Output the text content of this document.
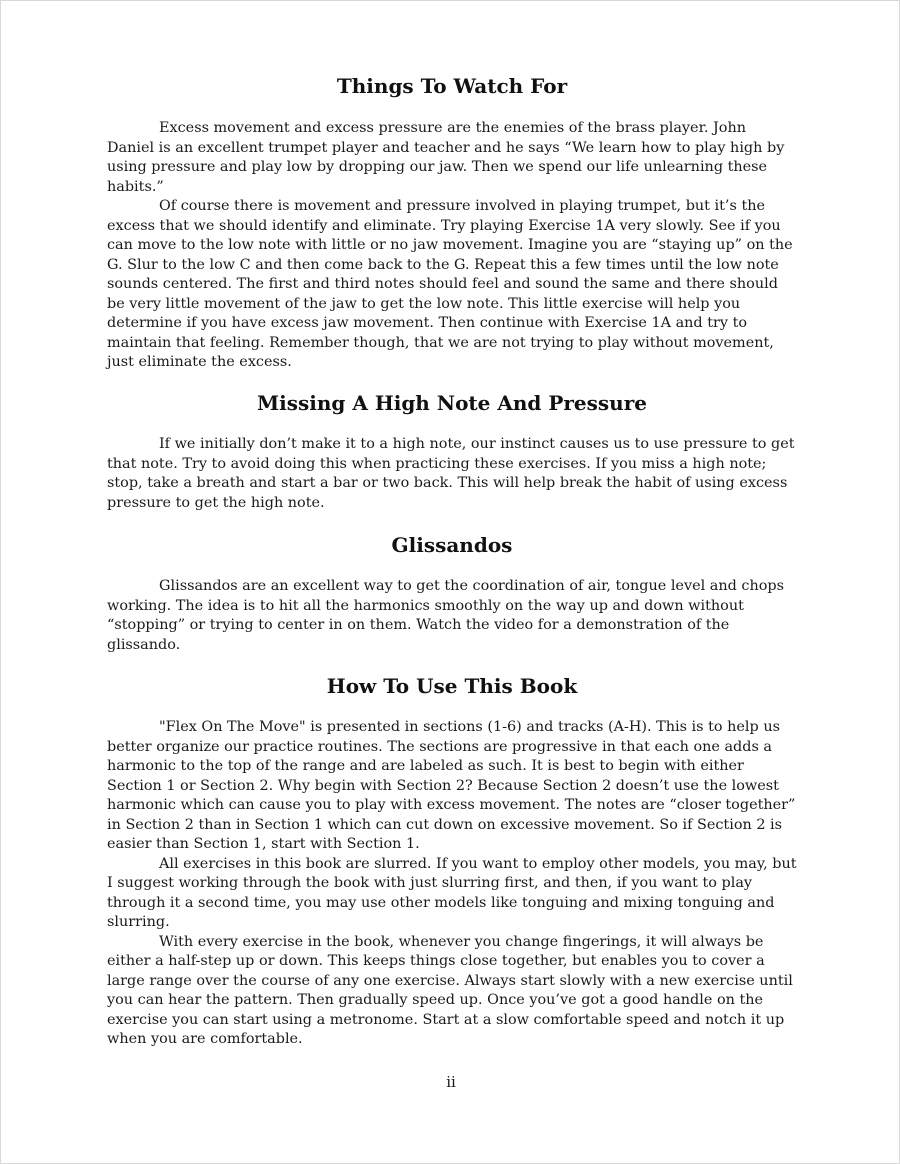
Things To Watch For

Excess movement and excess pressure are the enemies of the brass player. John Daniel is an excellent trumpet player and teacher and he says “We learn how to play high by using pressure and play low by dropping our jaw. Then we spend our life unlearning these habits.”

Of course there is movement and pressure involved in playing trumpet, but it’s the excess that we should identify and eliminate. Try playing Exercise 1A very slowly. See if you can move to the low note with little or no jaw movement. Imagine you are “staying up” on the G. Slur to the low C and then come back to the G. Repeat this a few times until the low note sounds centered. The first and third notes should feel and sound the same and there should be very little movement of the jaw to get the low note. This little exercise will help you determine if you have excess jaw movement. Then continue with Exercise 1A and try to maintain that feeling. Remember though, that we are not trying to play without movement, just eliminate the excess.

Missing A High Note And Pressure

If we initially don’t make it to a high note, our instinct causes us to use pressure to get that note. Try to avoid doing this when practicing these exercises. If you miss a high note; stop, take a breath and start a bar or two back. This will help break the habit of using excess pressure to get the high note.

Glissandos

Glissandos are an excellent way to get the coordination of air, tongue level and chops working. The idea is to hit all the harmonics smoothly on the way up and down without “stopping” or trying to center in on them. Watch the video for a demonstration of the glissando.

How To Use This Book

"Flex On The Move" is presented in sections (1-6) and tracks (A-H). This is to help us better organize our practice routines. The sections are progressive in that each one adds a harmonic to the top of the range and are labeled as such. It is best to begin with either Section 1 or Section 2. Why begin with Section 2? Because Section 2 doesn’t use the lowest harmonic which can cause you to play with excess movement. The notes are “closer together” in Section 2 than in Section 1 which can cut down on excessive movement. So if Section 2 is easier than Section 1, start with Section 1.

All exercises in this book are slurred. If you want to employ other models, you may, but I suggest working through the book with just slurring first, and then, if you want to play through it a second time, you may use other models like tonguing and mixing tonguing and slurring.

With every exercise in the book, whenever you change fingerings, it will always be either a half-step up or down. This keeps things close together, but enables you to cover a large range over the course of any one exercise. Always start slowly with a new exercise until you can hear the pattern. Then gradually speed up. Once you’ve got a good handle on the exercise you can start using a metronome. Start at a slow comfortable speed and notch it up when you are comfortable.

ii
